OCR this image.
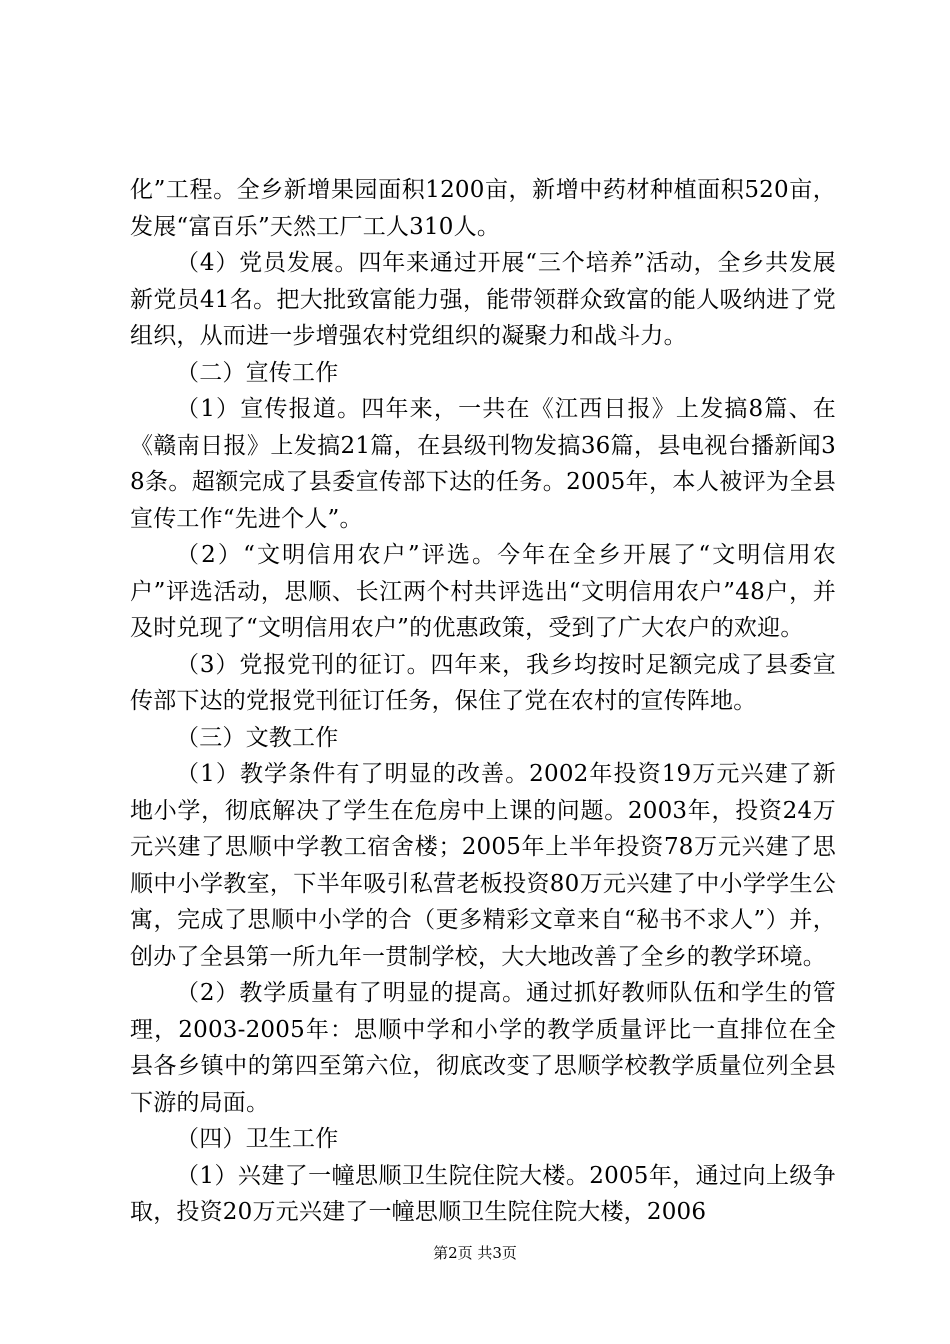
化”工程。全乡新增果园面积1200亩，新增中药材种植面积520亩，发展“富百乐”天然工厂工人310人。

（4）党员发展。四年来通过开展“三个培养”活动，全乡共发展新党员41名。把大批致富能力强，能带领群众致富的能人吸纳进了党组织，从而进一步增强农村党组织的凝聚力和战斗力。

（二）宣传工作

（1）宣传报道。四年来，一共在《江西日报》上发搞8篇、在《赣南日报》上发搞21篇，在县级刊物发搞36篇，县电视台播新闻38条。超额完成了县委宣传部下达的任务。2005年，本人被评为全县宣传工作“先进个人”。

（2）“文明信用农户”评选。今年在全乡开展了“文明信用农户”评选活动，思顺、长江两个村共评选出“文明信用农户”48户，并及时兑现了“文明信用农户”的优惠政策，受到了广大农户的欢迎。

（3）党报党刊的征订。四年来，我乡均按时足额完成了县委宣传部下达的党报党刊征订任务，保住了党在农村的宣传阵地。

（三）文教工作

（1）教学条件有了明显的改善。2002年投资19万元兴建了新地小学，彻底解决了学生在危房中上课的问题。2003年，投资24万元兴建了思顺中学教工宿舍楼；2005年上半年投资78万元兴建了思顺中小学教室，下半年吸引私营老板投资80万元兴建了中小学学生公寓，完成了思顺中小学的合（更多精彩文章来自“秘书不求人”）并，创办了全县第一所九年一贯制学校，大大地改善了全乡的教学环境。

（2）教学质量有了明显的提高。通过抓好教师队伍和学生的管理，2003-2005年：思顺中学和小学的教学质量评比一直排位在全县各乡镇中的第四至第六位，彻底改变了思顺学校教学质量位列全县下游的局面。

（四）卫生工作

（1）兴建了一幢思顺卫生院住院大楼。2005年，通过向上级争取，投资20万元兴建了一幢思顺卫生院住院大楼，2006

第2页 共3页
